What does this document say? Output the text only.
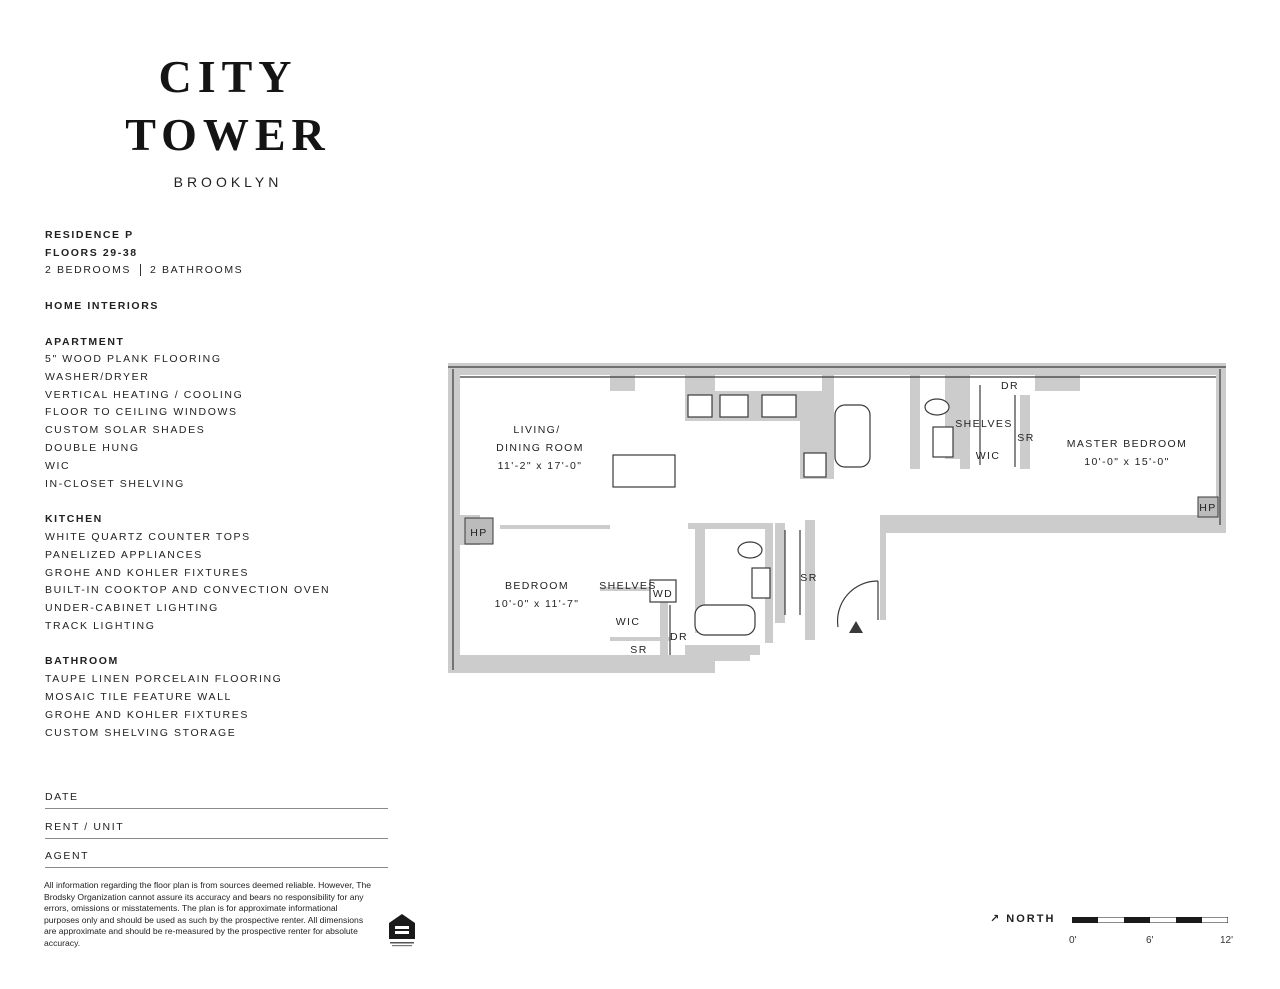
CITY
TOWER
BROOKLYN
RESIDENCE P
FLOORS 29-38
2 BEDROOMS 2 BATHROOMS
HOME INTERIORS
APARTMENT
5" WOOD PLANK FLOORING
WASHER/DRYER
VERTICAL HEATING / COOLING
FLOOR TO CEILING WINDOWS
CUSTOM SOLAR SHADES
DOUBLE HUNG
WIC
IN-CLOSET SHELVING
KITCHEN
WHITE QUARTZ COUNTER TOPS
PANELIZED APPLIANCES
GROHE AND KOHLER FIXTURES
BUILT-IN COOKTOP AND CONVECTION OVEN
UNDER-CABINET LIGHTING
TRACK LIGHTING
BATHROOM
TAUPE LINEN PORCELAIN FLOORING
MOSAIC TILE FEATURE WALL
GROHE AND KOHLER FIXTURES
CUSTOM SHELVING STORAGE
DATE
RENT / UNIT
AGENT
All information regarding the floor plan is from sources deemed reliable. However, The Brodsky Organization cannot assure its accuracy and bears no responsibility for any errors, omissions or misstatements. The plan is for approximate informational purposes only and should be used as such by the prospective renter. All dimensions are approximate and should be re-measured by the prospective renter for absolute accuracy.
LIVING/
DINING ROOM
11'-2" x 17'-0"
MASTER BEDROOM
10'-0" x 15'-0"
BEDROOM
10'-0" x 11'-7"
HP
HP
DR
DR
SR
SR
SR
WIC
WIC
SHELVES
SHELVES
WD
↗ NORTH
0'	6'	12'
